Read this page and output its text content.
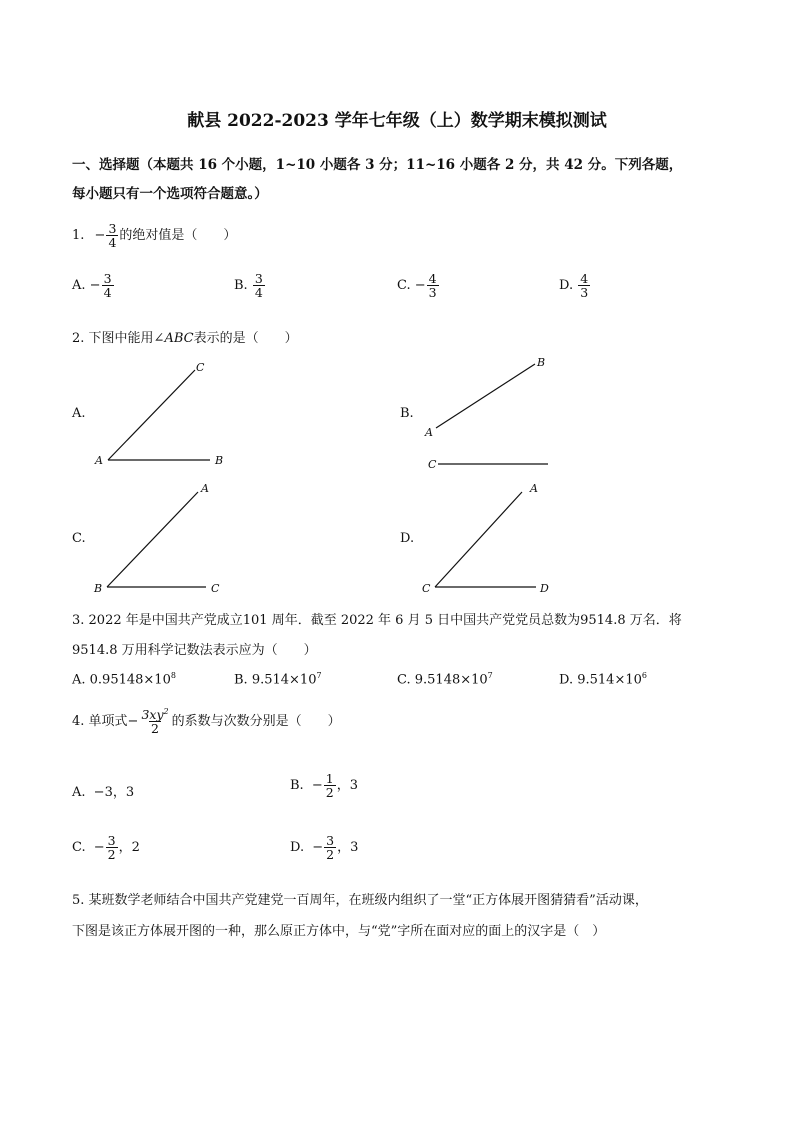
献县 2022-2023 学年七年级（上）数学期末模拟测试
一、选择题（本题共 16 个小题，1~10 小题各 3 分；11~16 小题各 2 分，共 42 分。下列各题，
每小题只有一个选项符合题意。）
1. − $\frac{3}{4}$ 的绝对值是（　　）
A. − $\frac{3}{4}$	B. $\frac{3}{4}$	C. − $\frac{4}{3}$	D. $\frac{4}{3}$
2. 下图中能用∠ABC表示的是（　　）
A.	B.
C.	D.
C
A	B
B
A
C
A
B	C
A
C	D
3. 2022 年是中国共产党成立101 周年．截至 2022 年 6 月 5 日中国共产党党员总数为9514.8 万名．将
9514.8 万用科学记数法表示应为（　　）
A. $0.95148\times 10^8$	B. $9.514\times 10^7$	C. $9.5148\times 10^7$	D. $9.514\times 10^6$
4. 单项式− $\frac{3xy^2}{2}$ 的系数与次数分别是（　　）
A. −3，3	B. − $\frac{1}{2}$ ，3
C. − $\frac{3}{2}$ ，2	D. − $\frac{3}{2}$ ，3
5. 某班数学老师结合中国共产党建党一百周年，在班级内组织了一堂“正方体展开图猜猜看”活动课，
下图是该正方体展开图的一种，那么原正方体中，与“党”字所在面对应的面上的汉字是（　）
